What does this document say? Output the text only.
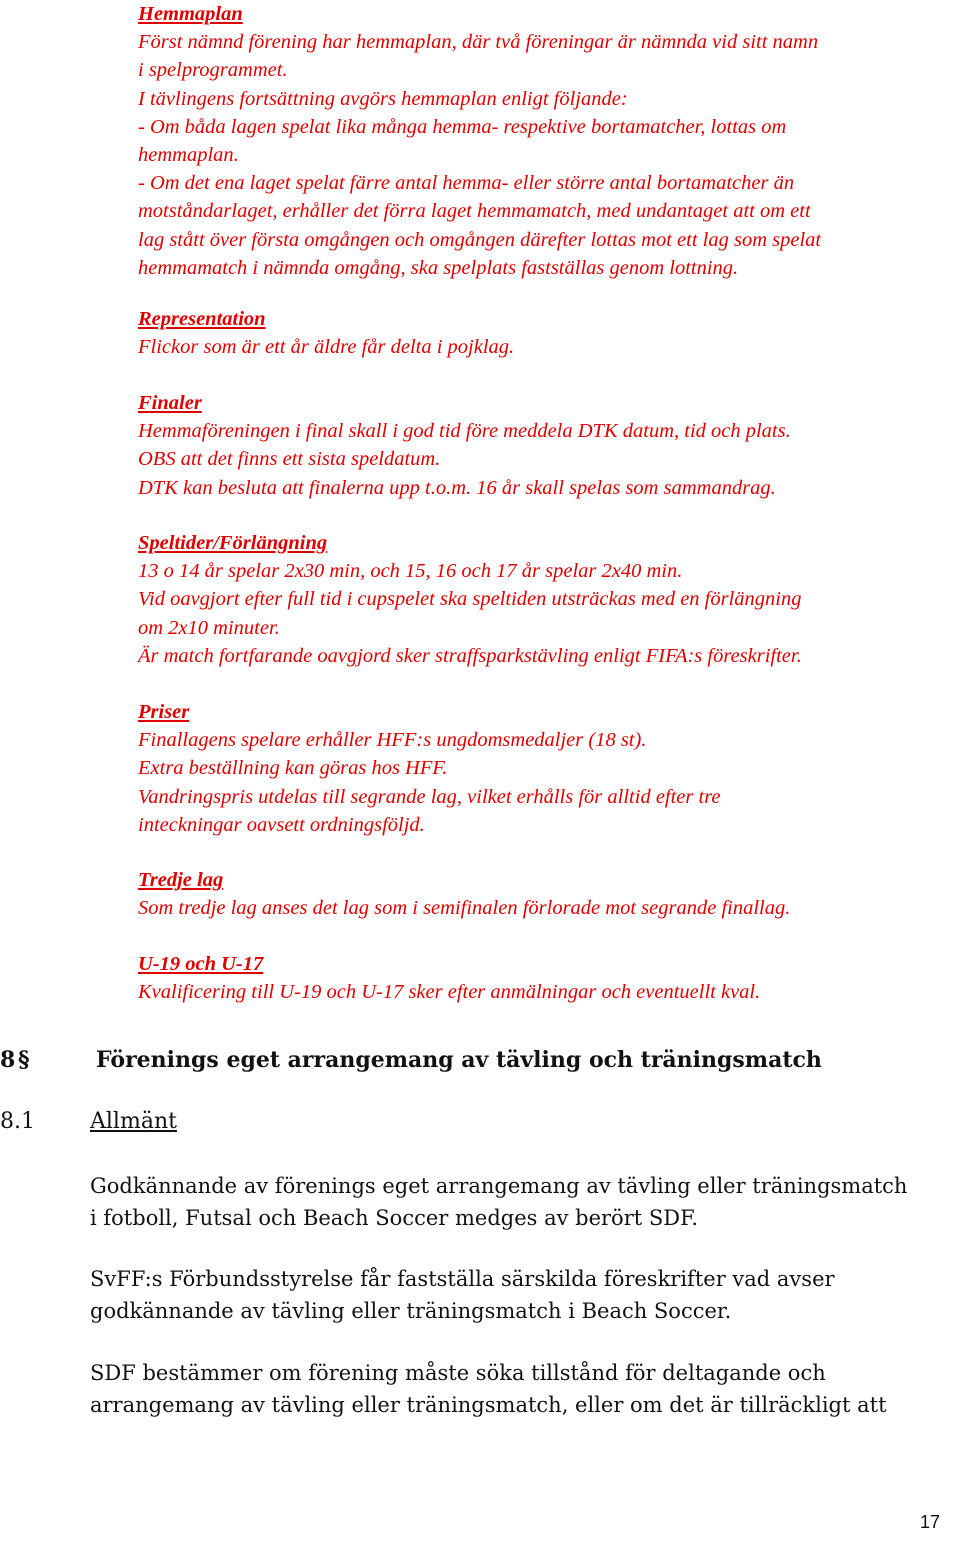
Hemmaplan

Först nämnd förening har hemmaplan, där två föreningar är nämnda vid sitt namn

i spelprogrammet.

I tävlingens fortsättning avgörs hemmaplan enligt följande:

- Om båda lagen spelat lika många hemma- respektive bortamatcher, lottas om

hemmaplan.

- Om det ena laget spelat färre antal hemma- eller större antal bortamatcher än

motståndarlaget, erhåller det förra laget hemmamatch, med undantaget att om ett

lag stått över första omgången och omgången därefter lottas mot ett lag som spelat

hemmamatch i nämnda omgång, ska spelplats fastställas genom lottning.

Representation

Flickor som är ett år äldre får delta i pojklag.

Finaler

Hemmaföreningen i final skall i god tid före meddela DTK datum, tid och plats.

OBS att det finns ett sista speldatum.

DTK kan besluta att finalerna upp t.o.m. 16 år skall spelas som sammandrag.

Speltider/Förlängning

13 o 14 år spelar 2x30 min, och 15, 16 och 17 år spelar 2x40 min.

Vid oavgjort efter full tid i cupspelet ska speltiden utsträckas med en förlängning

om 2x10 minuter.

Är match fortfarande oavgjord sker straffsparkstävling enligt FIFA:s föreskrifter.

Priser

Finallagens spelare erhåller HFF:s ungdomsmedaljer (18 st).

Extra beställning kan göras hos HFF.

Vandringspris utdelas till segrande lag, vilket erhålls för alltid efter tre

inteckningar oavsett ordningsföljd.

Tredje lag

Som tredje lag anses det lag som i semifinalen förlorade mot segrande finallag.

U-19 och U-17

Kvalificering till U-19 och U-17 sker efter anmälningar och eventuellt kval.

8 §	Förenings eget arrangemang av tävling och träningsmatch
8.1	Allmänt

Godkännande av förenings eget arrangemang av tävling eller träningsmatch

i fotboll, Futsal och Beach Soccer medges av berört SDF.

SvFF:s Förbundsstyrelse får fastställa särskilda föreskrifter vad avser

godkännande av tävling eller träningsmatch i Beach Soccer.

SDF bestämmer om förening måste söka tillstånd för deltagande och

arrangemang av tävling eller träningsmatch, eller om det är tillräckligt att

17
